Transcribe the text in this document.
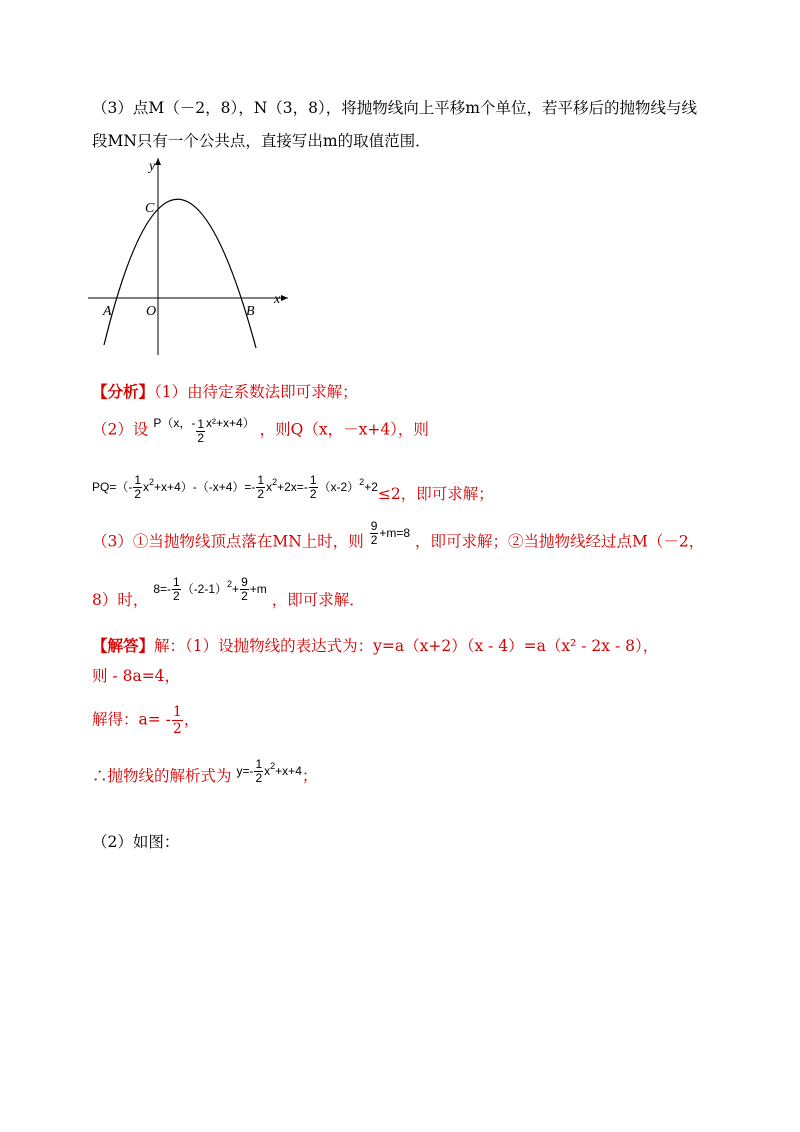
（3）点M（－2，8），N（3，8），将抛物线向上平移m个单位，若平移后的抛物线与线
段MN只有一个公共点，直接写出m的取值范围．
y
x
C
O
A	B
【分析】（1）由待定系数法即可求解；
（2）设 $^{P(x,- \frac{1}{2} x^2+x+4)}$ ，则Q（x，－x+4），则
$PQ=(- \frac{1}{2} x^2+x+4)-(-x+4)=- \frac{1}{2} x^2+2x=- \frac{1}{2} (x-2)^2+2\le 2$，即可求解；
（3）①当抛物线顶点落在MN上时，则 $^{\frac{9}{2} +m=8}$ ，即可求解；②当抛物线经过点M（－2，
8）时， $^{8=- \frac{1}{2} (-2-1)^2+ \frac{9}{2} +m}$ ，即可求解．
【解答】解：（1）设抛物线的表达式为：y=a（x+2）（x - 4）=a（x² - 2x - 8），
则 - 8a=4，
解得：$a= - \frac{1}{2}$ ，
∴抛物线的解析式为 $^{y=- \frac{1}{2} x^2+x+4}$；
（2）如图：
